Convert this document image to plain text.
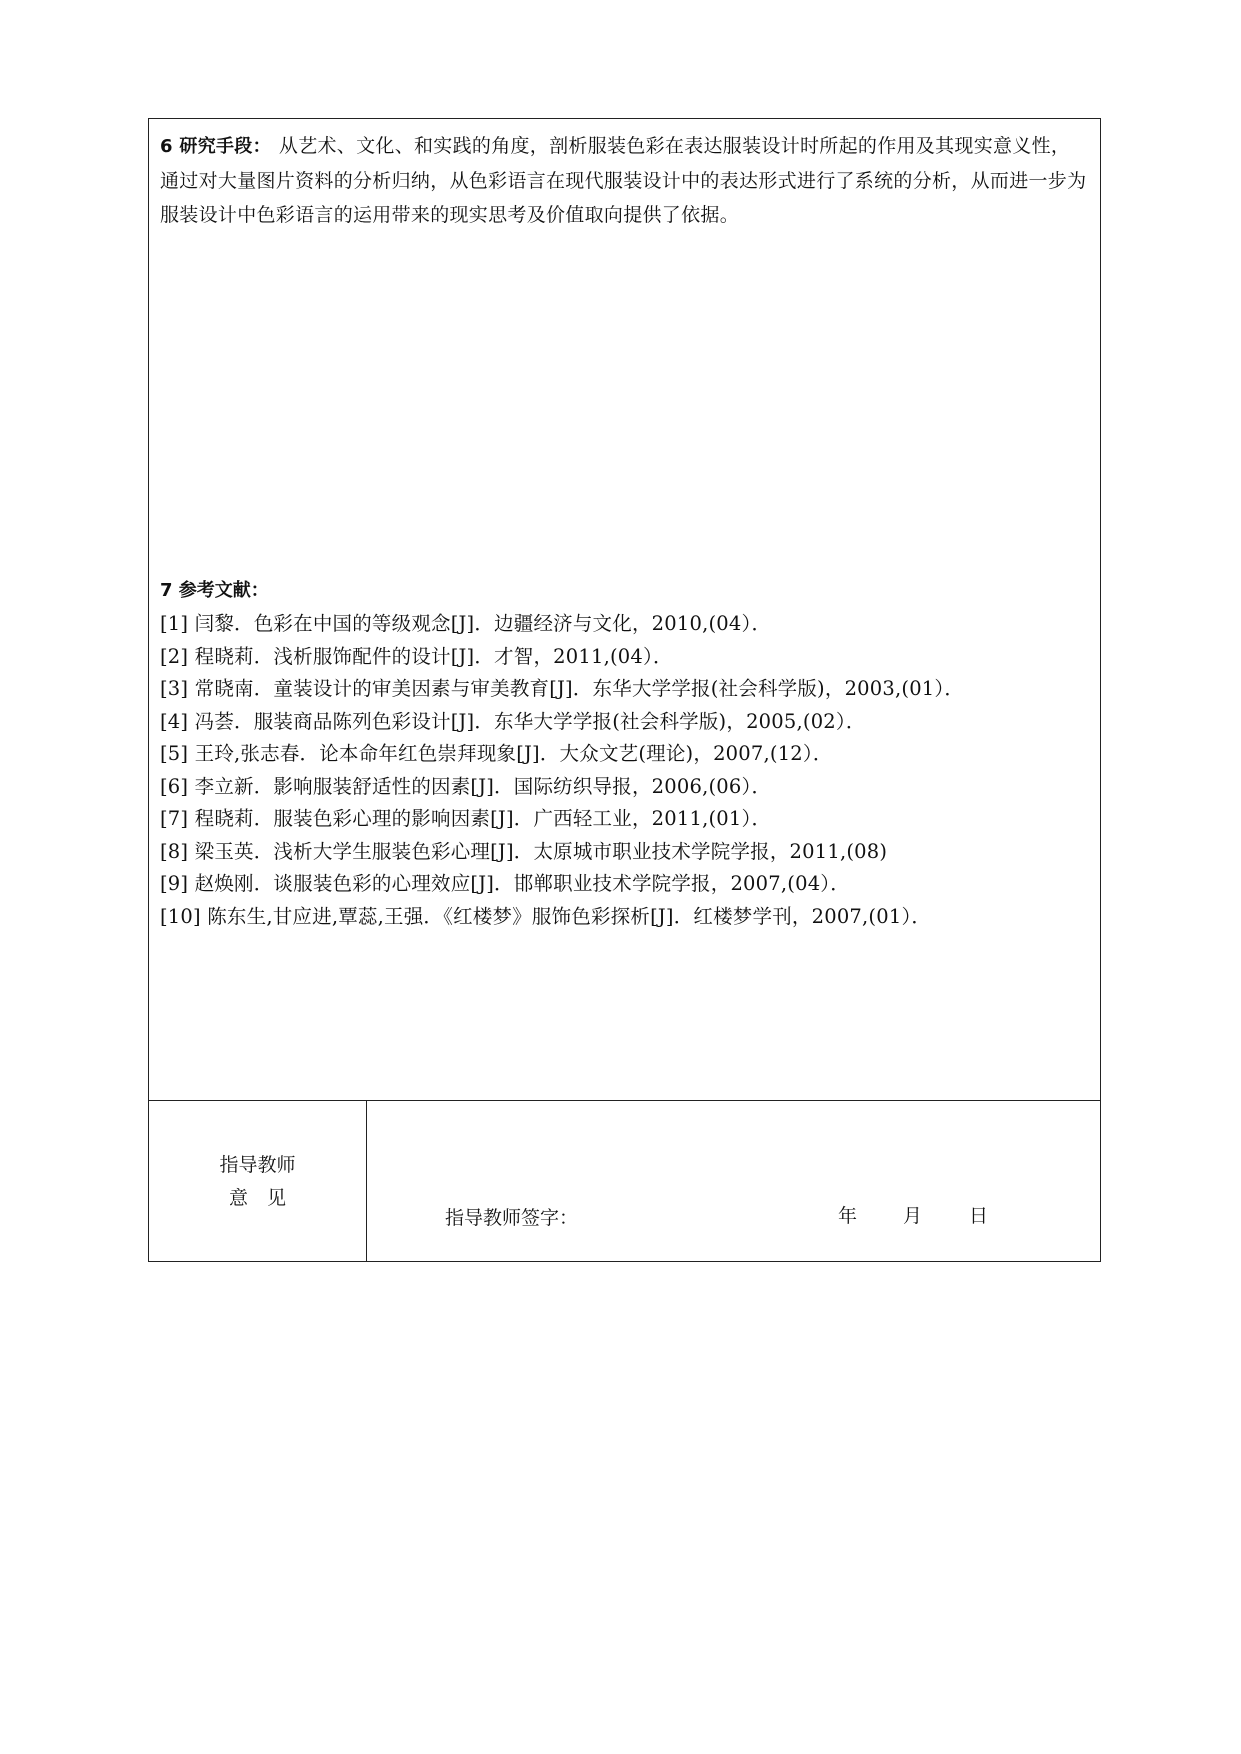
6 研究手段： 从艺术、文化、和实践的角度，剖析服装色彩在表达服装设计时所起的作用及其现实意义性，通过对大量图片资料的分析归纳，从色彩语言在现代服装设计中的表达形式进行了系统的分析，从而进一步为服装设计中色彩语言的运用带来的现实思考及价值取向提供了依据。
7 参考文献：
[1] 闫黎．色彩在中国的等级观念[J]．边疆经济与文化，2010,(04）．
[2] 程晓莉．浅析服饰配件的设计[J]．才智，2011,(04）．
[3] 常晓南．童装设计的审美因素与审美教育[J]．东华大学学报(社会科学版)，2003,(01）．
[4] 冯荟．服装商品陈列色彩设计[J]．东华大学学报(社会科学版)，2005,(02）．
[5] 王玲,张志春．论本命年红色崇拜现象[J]．大众文艺(理论)，2007,(12）．
[6] 李立新．影响服装舒适性的因素[J]．国际纺织导报，2006,(06）．
[7] 程晓莉．服装色彩心理的影响因素[J]．广西轻工业，2011,(01）．
[8] 梁玉英．浅析大学生服装色彩心理[J]．太原城市职业技术学院学报，2011,(08)
[9] 赵焕刚．谈服装色彩的心理效应[J]．邯郸职业技术学院学报，2007,(04）．
[10] 陈东生,甘应进,覃蕊,王强．《红楼梦》服饰色彩探析[J]．红楼梦学刊，2007,(01）．
指导教师
意　见
指导教师签字：	年 月 日
